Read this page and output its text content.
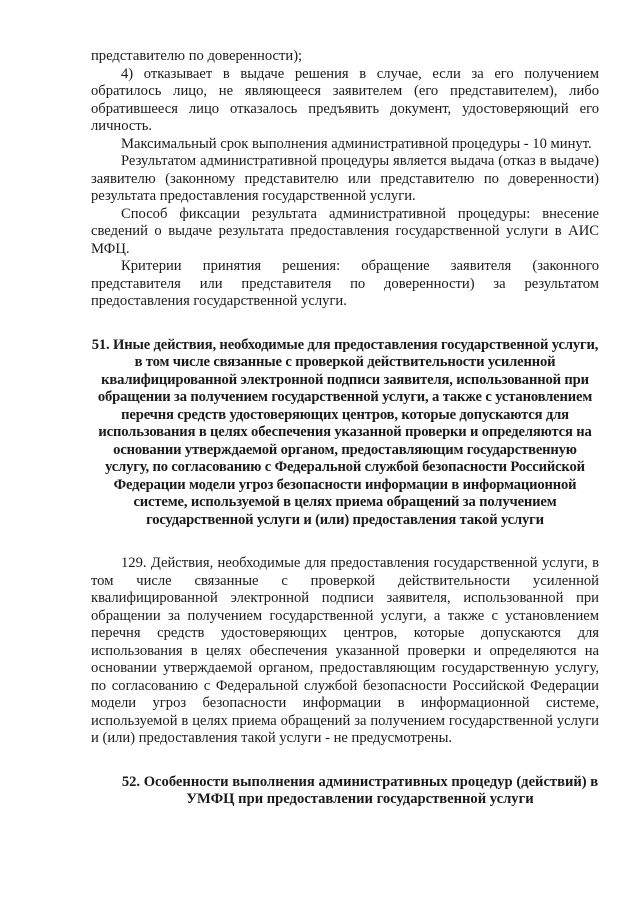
представителю по доверенности);

4) отказывает в выдаче решения в случае, если за его получением обратилось лицо, не являющееся заявителем (его представителем), либо обратившееся лицо отказалось предъявить документ, удостоверяющий его личность.

Максимальный срок выполнения административной процедуры - 10 минут.

Результатом административной процедуры является выдача (отказ в выдаче) заявителю (законному представителю или представителю по доверенности) результата предоставления государственной услуги.

Способ фиксации результата административной процедуры: внесение сведений о выдаче результата предоставления государственной услуги в АИС МФЦ.

Критерии принятия решения: обращение заявителя (законного представителя или представителя по доверенности) за результатом предоставления государственной услуги.

51. Иные действия, необходимые для предоставления государственной услуги, в том числе связанные с проверкой действительности усиленной квалифицированной электронной подписи заявителя, использованной при обращении за получением государственной услуги, а также с установлением перечня средств удостоверяющих центров, которые допускаются для использования в целях обеспечения указанной проверки и определяются на основании утверждаемой органом, предоставляющим государственную услугу, по согласованию с Федеральной службой безопасности Российской Федерации модели угроз безопасности информации в информационной системе, используемой в целях приема обращений за получением государственной услуги и (или) предоставления такой услуги

129. Действия, необходимые для предоставления государственной услуги, в том числе связанные с проверкой действительности усиленной квалифицированной электронной подписи заявителя, использованной при обращении за получением государственной услуги, а также с установлением перечня средств удостоверяющих центров, которые допускаются для использования в целях обеспечения указанной проверки и определяются на основании утверждаемой органом, предоставляющим государственную услугу, по согласованию с Федеральной службой безопасности Российской Федерации модели угроз безопасности информации в информационной системе, используемой в целях приема обращений за получением государственной услуги и (или) предоставления такой услуги - не предусмотрены.

52. Особенности выполнения административных процедур (действий) в УМФЦ при предоставлении государственной услуги
